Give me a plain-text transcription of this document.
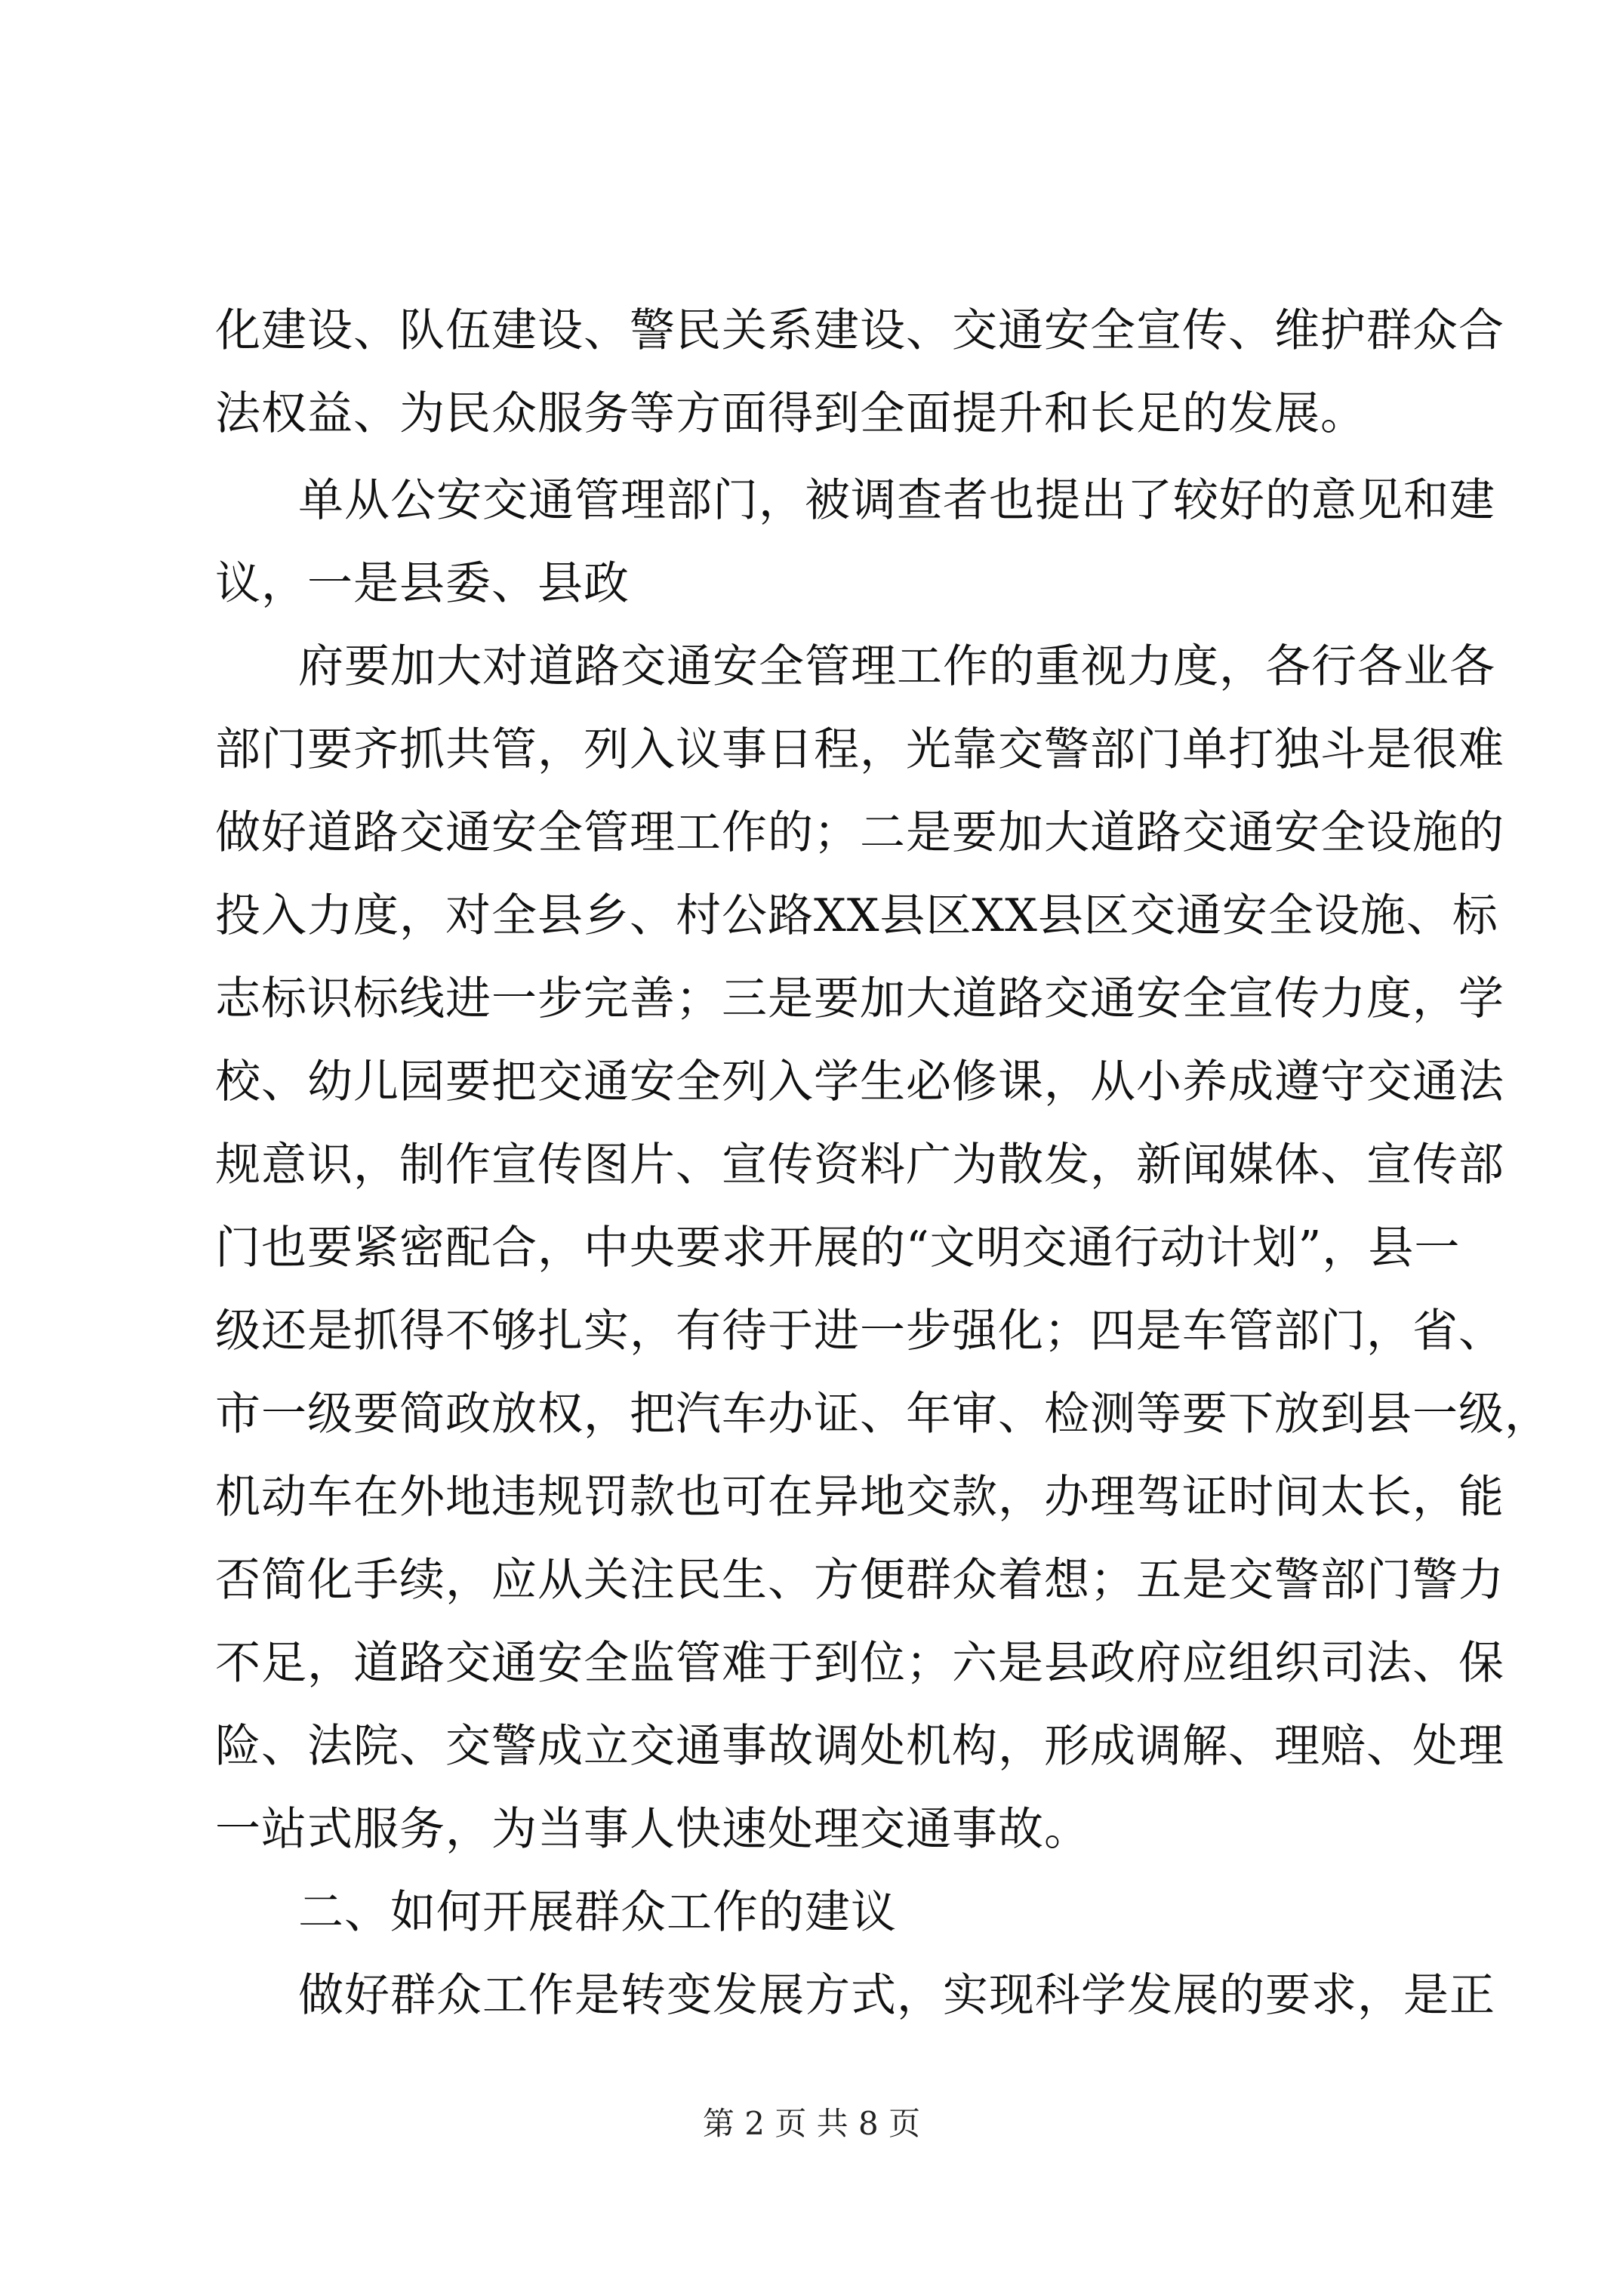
化建设、队伍建设、警民关系建设、交通安全宣传、维护群众合
法权益、为民众服务等方面得到全面提升和长足的发展。
单从公安交通管理部门，被调查者也提出了较好的意见和建
议，一是县委、县政
府要加大对道路交通安全管理工作的重视力度，各行各业各
部门要齐抓共管，列入议事日程，光靠交警部门单打独斗是很难
做好道路交通安全管理工作的；二是要加大道路交通安全设施的
投入力度，对全县乡、村公路XX县区XX县区交通安全设施、标
志标识标线进一步完善；三是要加大道路交通安全宣传力度，学
校、幼儿园要把交通安全列入学生必修课，从小养成遵守交通法
规意识，制作宣传图片、宣传资料广为散发，新闻媒体、宣传部
门也要紧密配合，中央要求开展的“文明交通行动计划”，县一
级还是抓得不够扎实，有待于进一步强化；四是车管部门，省、
市一级要简政放权，把汽车办证、年审、检测等要下放到县一级，
机动车在外地违规罚款也可在异地交款，办理驾证时间太长，能
否简化手续，应从关注民生、方便群众着想；五是交警部门警力
不足，道路交通安全监管难于到位；六是县政府应组织司法、保
险、法院、交警成立交通事故调处机构，形成调解、理赔、处理
一站式服务，为当事人快速处理交通事故。
二、如何开展群众工作的建议
做好群众工作是转变发展方式，实现科学发展的要求，是正
第 2 页 共 8 页
